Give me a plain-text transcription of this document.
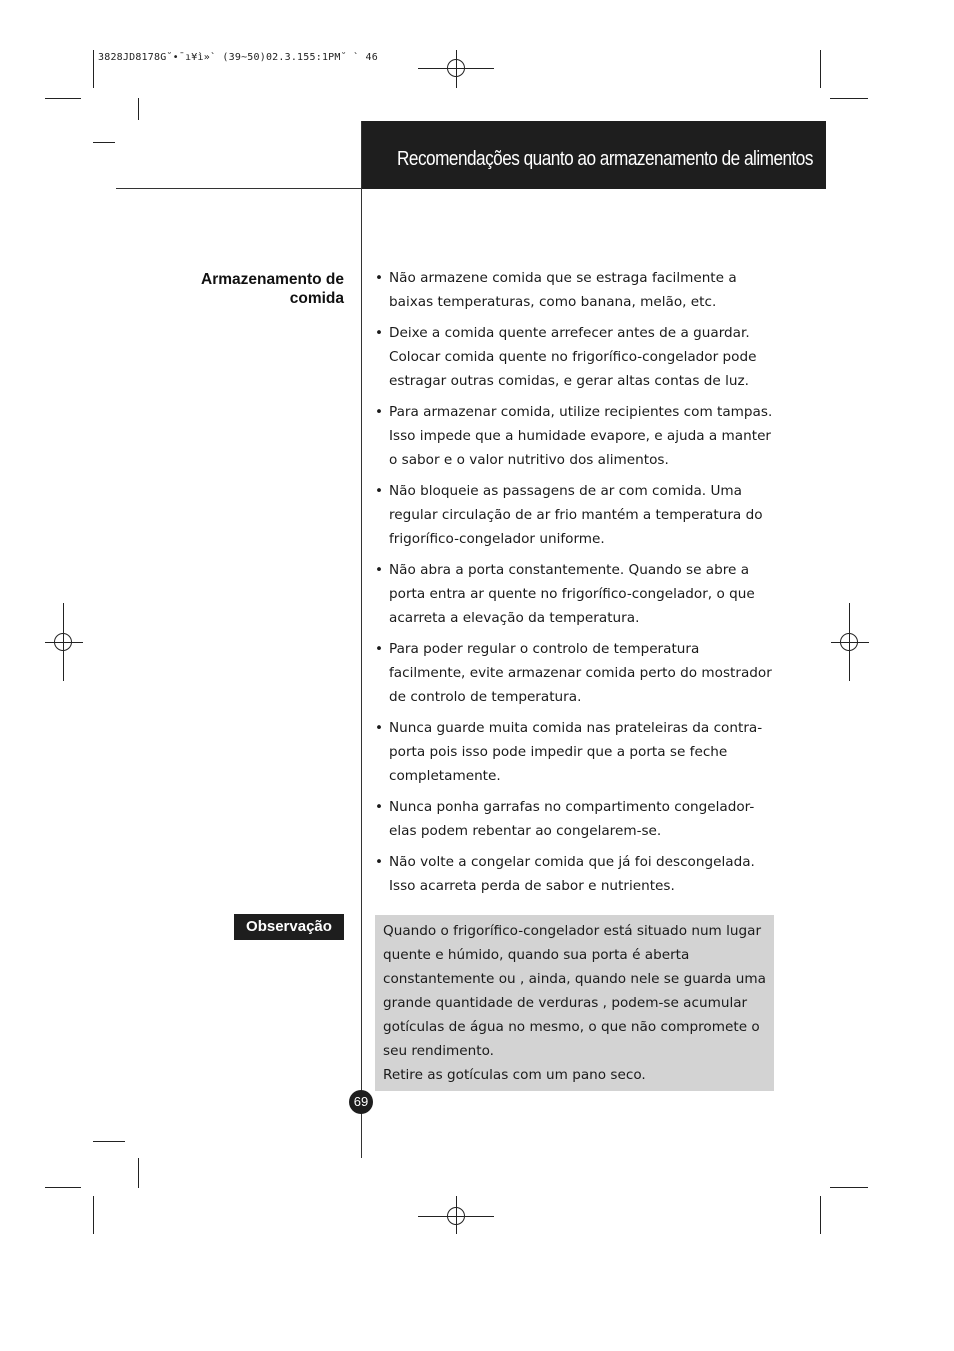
3828JD8178G˘•¯ı¥ì»` (39~50)02.3.155:1PM˘ ` 46
Recomendações quanto ao armazenamento de alimentos
Armazenamento de
comida
• Não armazene comida que se estraga facilmente a baixas temperaturas, como banana, melão, etc.
• Deixe a comida quente arrefecer antes de a guardar. Colocar comida quente no frigorífico-congelador pode estragar outras comidas, e gerar altas contas de luz.
• Para armazenar comida, utilize recipientes com tampas. Isso impede que a humidade evapore, e ajuda a manter o sabor e o valor nutritivo dos alimentos.
• Não bloqueie as passagens de ar com comida. Uma regular circulação de ar frio mantém a temperatura do frigorífico-congelador uniforme.
• Não abra a porta constantemente. Quando se abre a porta entra ar quente no frigorífico-congelador, o que acarreta a elevação da temperatura.
• Para poder regular o controlo de temperatura facilmente, evite armazenar comida perto do mostrador de controlo de temperatura.
• Nunca guarde muita comida nas prateleiras da contra-porta pois isso pode impedir que a porta se feche completamente.
• Nunca ponha garrafas no compartimento congelador- elas podem rebentar ao congelarem-se.
• Não volte a congelar comida que já foi descongelada. Isso acarreta perda de sabor e nutrientes.
Observação	Quando o frigorífico-congelador está situado num lugar quente e húmido, quando sua porta é aberta constantemente ou , ainda, quando nele se guarda uma grande quantidade de verduras , podem-se acumular gotículas de água no mesmo, o que não compromete o seu rendimento.

Retire as gotículas com um pano seco.

69
